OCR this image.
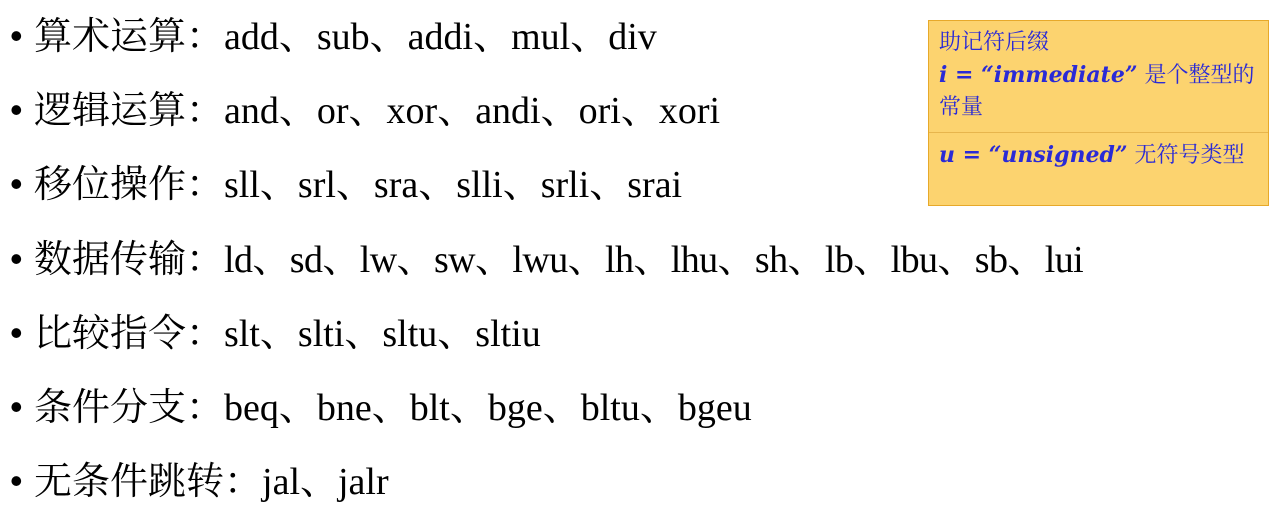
• 算术运算：add、sub、addi、mul、div
• 逻辑运算：and、or、xor、andi、ori、xori
• 移位操作：sll、srl、sra、slli、srli、srai
• 数据传输：ld、sd、lw、sw、lwu、lh、lhu、sh、lb、lbu、sb、lui
• 比较指令：slt、slti、sltu、sltiu
• 条件分支：beq、bne、blt、bge、bltu、bgeu
• 无条件跳转：jal、jalr
助记符后缀
i = “immediate” 是个整型的常量
u = “unsigned” 无符号类型
